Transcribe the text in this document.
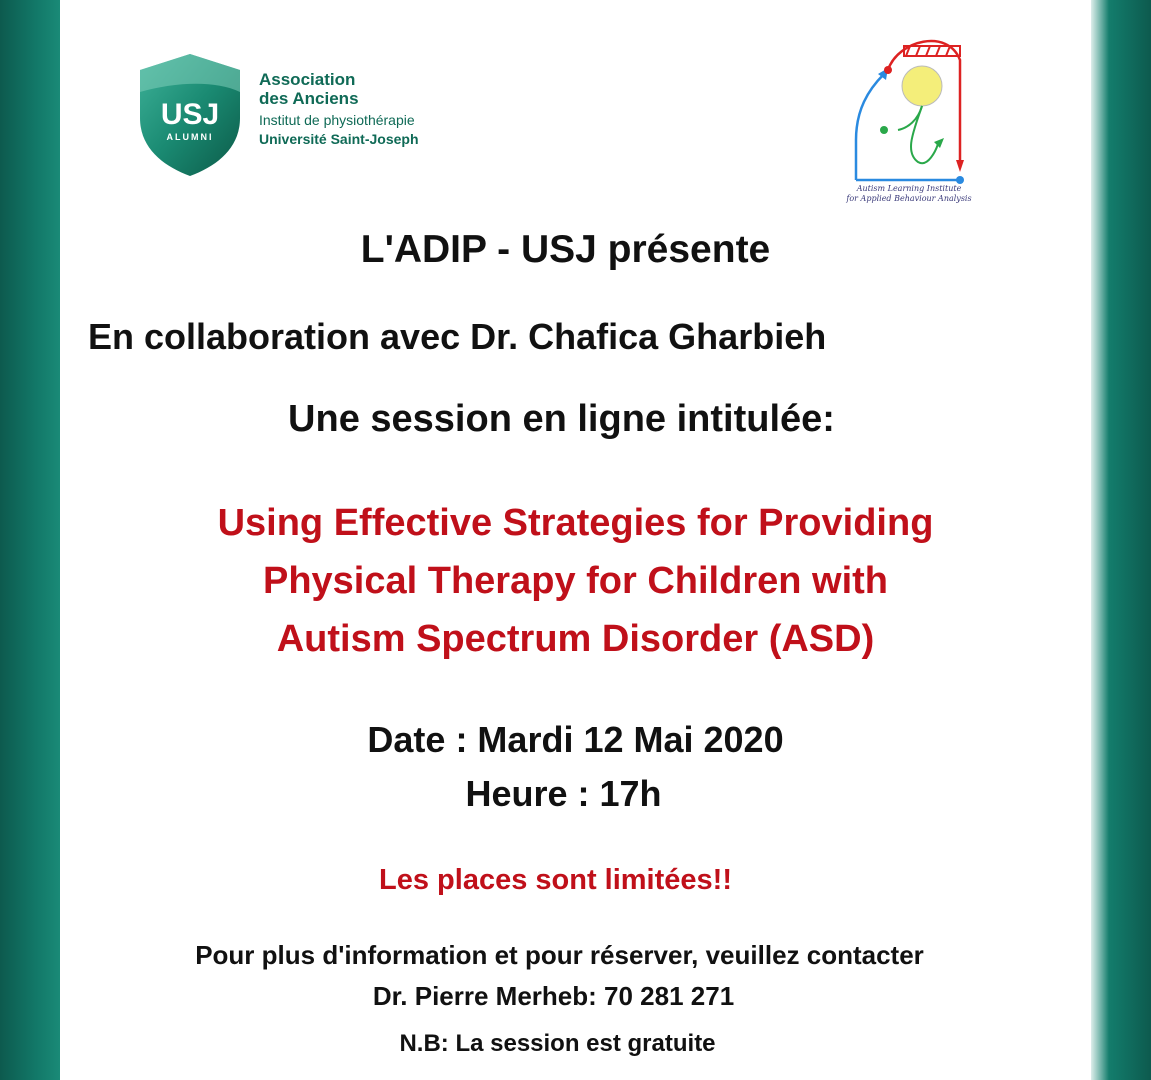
USJ
ALUMNI
Association
des Anciens
Institut de physiothérapie
Université Saint-Joseph
Autism Learning Institute
for Applied Behaviour Analysis
L'ADIP - USJ présente
En collaboration avec Dr. Chafica Gharbieh
Une session en ligne intitulée:
Using Effective Strategies for Providing
Physical Therapy for Children with
Autism Spectrum Disorder (ASD)
Date : Mardi 12 Mai 2020
Heure : 17h
Les places sont limitées!!
Pour plus d'information et pour réserver, veuillez contacter
Dr. Pierre Merheb: 70 281 271
N.B: La session est gratuite
